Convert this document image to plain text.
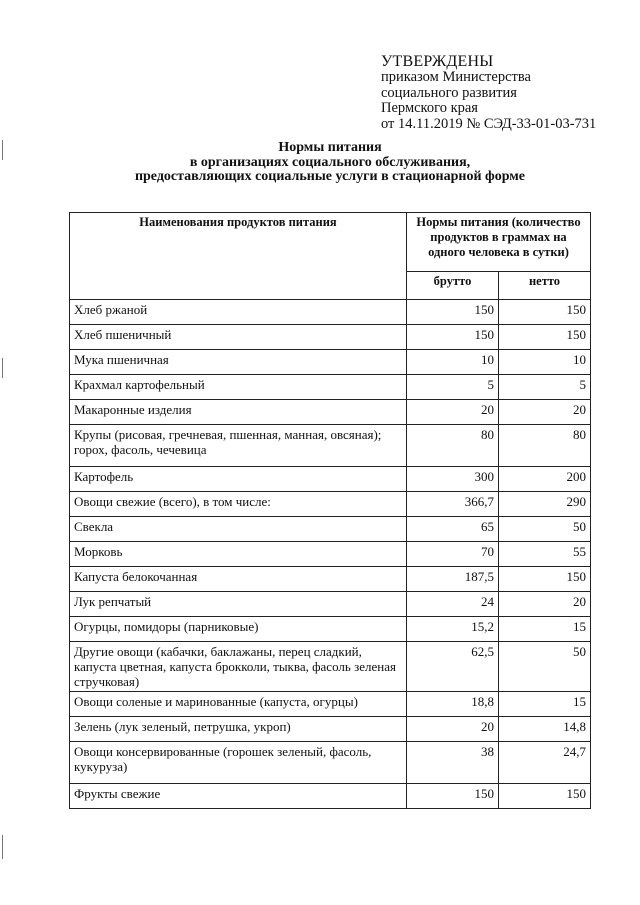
УТВЕРЖДЕНЫ
приказом Министерства
социального развития
Пермского края
от 14.11.2019 № СЭД-33-01-03-731
Нормы питания
в организациях социального обслуживания,
предоставляющих социальные услуги в стационарной форме
Наименования продуктов питания	Нормы питания (количество продуктов в граммах на одного человека в сутки)	
	брутто	нетто
Хлеб ржаной	150	150
Хлеб пшеничный	150	150
Мука пшеничная	10	10
Крахмал картофельный	5	5
Макаронные изделия	20	20
Крупы (рисовая, гречневая, пшенная, манная, овсяная); горох, фасоль, чечевица	80	80
Картофель	300	200
Овощи свежие (всего), в том числе:	366,7	290
Свекла	65	50
Морковь	70	55
Капуста белокочанная	187,5	150
Лук репчатый	24	20
Огурцы, помидоры (парниковые)	15,2	15
Другие овощи (кабачки, баклажаны, перец сладкий, капуста цветная, капуста брокколи, тыква, фасоль зеленая стручковая)	62,5	50
Овощи соленые и маринованные (капуста, огурцы)	18,8	15
Зелень (лук зеленый, петрушка, укроп)	20	14,8
Овощи консервированные (горошек зеленый, фасоль, кукуруза)	38	24,7
Фрукты свежие	150	150
